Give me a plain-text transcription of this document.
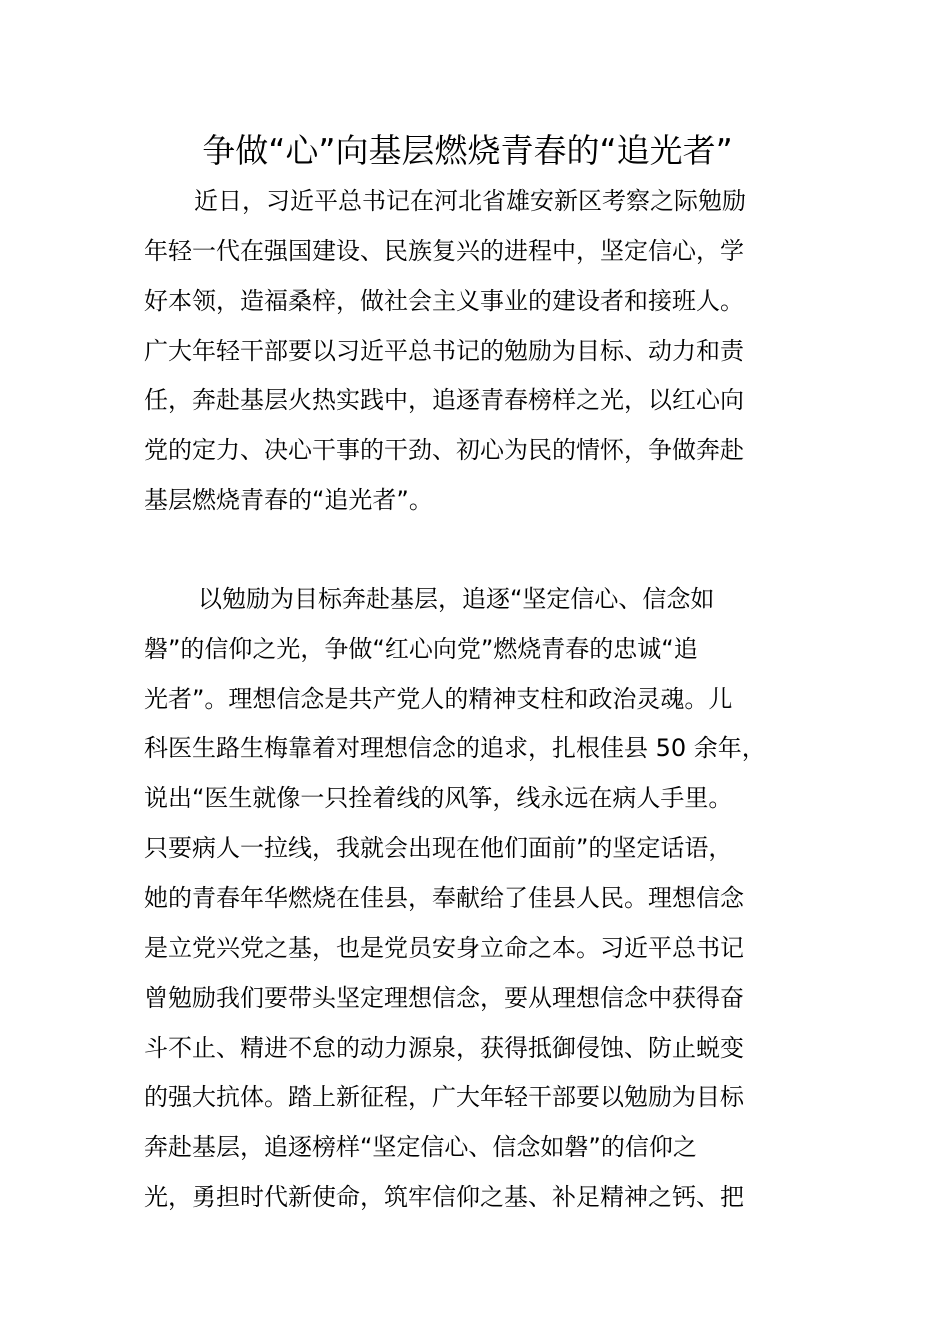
争做“心”向基层燃烧青春的“追光者”

近日，习近平总书记在河北省雄安新区考察之际勉励

年轻一代在强国建设、民族复兴的进程中，坚定信心，学

好本领，造福桑梓，做社会主义事业的建设者和接班人。

广大年轻干部要以习近平总书记的勉励为目标、动力和责

任，奔赴基层火热实践中，追逐青春榜样之光，以红心向

党的定力、决心干事的干劲、初心为民的情怀，争做奔赴

基层燃烧青春的“追光者”。

以勉励为目标奔赴基层，追逐“坚定信心、信念如

磐”的信仰之光，争做“红心向党”燃烧青春的忠诚“追

光者”。理想信念是共产党人的精神支柱和政治灵魂。儿

科医生路生梅靠着对理想信念的追求，扎根佳县 50 余年，

说出“医生就像一只拴着线的风筝，线永远在病人手里。

只要病人一拉线，我就会出现在他们面前”的坚定话语，

她的青春年华燃烧在佳县，奉献给了佳县人民。理想信念

是立党兴党之基，也是党员安身立命之本。习近平总书记

曾勉励我们要带头坚定理想信念，要从理想信念中获得奋

斗不止、精进不怠的动力源泉，获得抵御侵蚀、防止蜕变

的强大抗体。踏上新征程，广大年轻干部要以勉励为目标

奔赴基层，追逐榜样“坚定信心、信念如磐”的信仰之

光，勇担时代新使命，筑牢信仰之基、补足精神之钙、把
